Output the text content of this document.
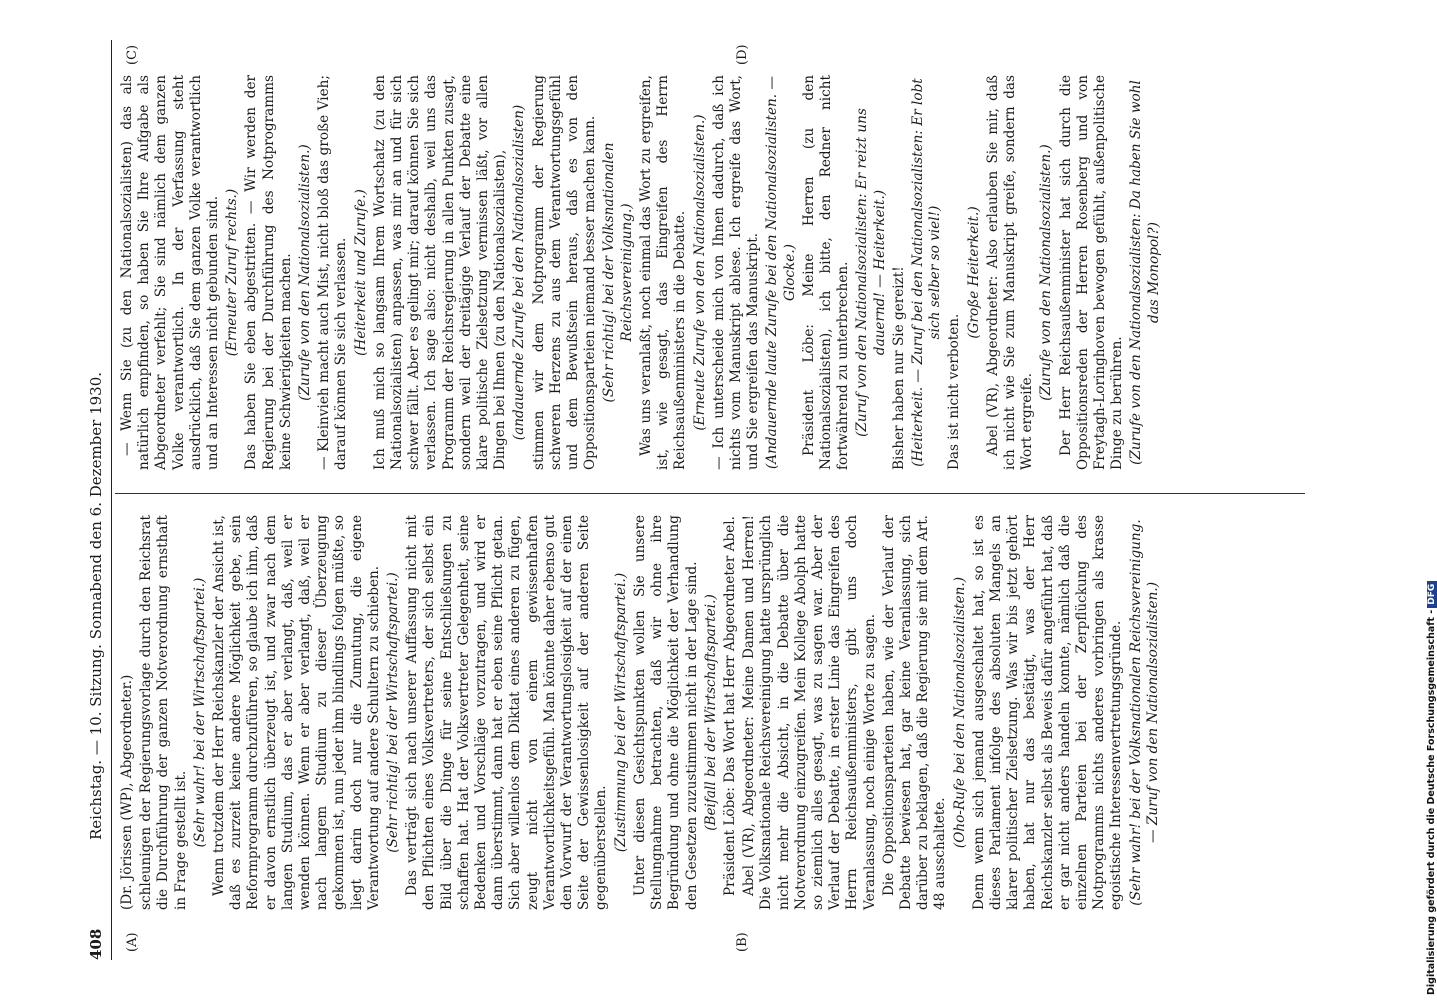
408
Reichstag. — 10. Sitzung. Sonnabend den 6. Dezember 1930.
(A)	(B)
(C)	(D)

(Dr. Jörissen (WP), Abgeordneter.) schleunigen der Regierungsvorlage durch den Reichsrat die Durchführung der ganzen Notverordnung ernsthaft in Frage gestellt ist. (Sehr wahr! bei der Wirtschaftspartei.) Wenn trotzdem der Herr Reichskanzler der Ansicht ist, daß es zurzeit keine andere Möglichkeit gebe, sein Reformprogramm durchzuführen, so glaube ich ihm, daß er davon ernstlich überzeugt ist, und zwar nach dem langen Studium, das er aber verlangt, daß, weil er wenden können. Wenn er aber verlangt, daß, weil er nach langem Studium zu dieser Überzeugung gekommen ist, nun jeder ihm blindlings folgen müßte, so liegt darin doch nur die Zumutung, die eigene Verantwortung auf andere Schultern zu schieben. (Sehr richtig! bei der Wirtschaftspartei.) Das verträgt sich nach unserer Auffassung nicht mit den Pflichten eines Volksvertreters, der sich selbst ein Bild über die Dinge für seine Entschließungen zu schaffen hat. Hat der Volksvertreter Gelegenheit, seine Bedenken und Vorschläge vorzutragen, und wird er dann überstimmt, dann hat er eben seine Pflicht getan. Sich aber willenlos dem Diktat eines anderen zu fügen, zeugt nicht von einem gewissenhaften Verantwortlichkeitsgefühl. Man könnte daher ebenso gut den Vorwurf der Verantwortungslosigkeit auf der einen Seite der Gewissenlosigkeit auf der anderen Seite gegenüberstellen. (Zustimmung bei der Wirtschaftspartei.) Unter diesen Gesichtspunkten wollen Sie unsere Stellungnahme betrachten, daß wir ohne ihre Begründung und ohne die Möglichkeit der Verhandlung den Gesetzen zuzustimmen nicht in der Lage sind. (Beifall bei der Wirtschaftspartei.) Präsident Löbe: Das Wort hat Herr Abgeordneter Abel. Abel (VR), Abgeordneter: Meine Damen und Herren! Die Volksnationale Reichsvereinigung hatte ursprünglich nicht mehr die Absicht, in die Debatte über die Notverordnung einzugreifen. Mein Kollege Abolph hatte so ziemlich alles gesagt, was zu sagen war. Aber der Verlauf der Debatte, in erster Linie das Eingreifen des Herrn Reichsaußenministers, gibt uns doch Veranlassung, noch einige Worte zu sagen. Die Oppositionsparteien haben, wie der Verlauf der Debatte bewiesen hat, gar keine Veranlassung, sich darüber zu beklagen, daß die Regierung sie mit dem Art. 48 ausschaltete.

(Oho-Rufe bei den Nationalsozialisten.) Denn wenn sich jemand ausgeschaltet hat, so ist es dieses Parlament infolge des absoluten Mangels an klarer politischer Zielsetzung. Was wir bis jetzt gehört haben, hat nur das bestätigt, was der Herr Reichskanzler selbst als Beweis dafür angeführt hat, daß er gar nicht anders handeln konnte, nämlich daß die einzelnen Parteien bei der Zerpflückung des Notprogramms nichts anderes vorbringen als krasse egoistische Interessenvertretungsgründe. (Sehr wahr! bei der Volksnationalen Reichsvereinigung. — Zuruf von den Nationalsozialisten.)

— Wenn Sie (zu den Nationalsozialisten) das als natürlich empfinden, so haben Sie Ihre Aufgabe als Abgeordneter verfehlt; Sie sind nämlich dem ganzen Volke verantwortlich. In der Verfassung steht ausdrücklich, daß Sie dem ganzen Volke verantwortlich und an Interessen nicht gebunden sind. (Erneuter Zuruf rechts.) Das haben Sie eben abgestritten. — Wir werden der Regierung bei der Durchführung des Notprogramms keine Schwierigkeiten machen. (Zurufe von den Nationalsozialisten.) — Kleinvieh macht auch Mist, nicht bloß das große Vieh; darauf können Sie sich verlassen. (Heiterkeit und Zurufe.) Ich muß mich so langsam Ihrem Wortschatz (zu den Nationalsozialisten) anpassen, was mir an und für sich schwer fällt. Aber es gelingt mir; darauf können Sie sich verlassen. Ich sage also: nicht deshalb, weil uns das Programm der Reichsregierung in allen Punkten zusagt, sondern weil der dreitägige Verlauf der Debatte eine klare politische Zielsetzung vermissen läßt, vor allen Dingen bei Ihnen (zu den Nationalsozialisten), (andauernde Zurufe bei den Nationalsozialisten) stimmen wir dem Notprogramm der Regierung schweren Herzens zu aus dem Verantwortungsgefühl und dem Bewußtsein heraus, daß es von den Oppositionsparteien niemand besser machen kann. (Sehr richtig! bei der Volksnationalen Reichsvereinigung.) Was uns veranlaßt, noch einmal das Wort zu ergreifen, ist, wie gesagt, das Eingreifen des Herrn Reichsaußenministers in die Debatte. (Erneute Zurufe von den Nationalsozialisten.) — Ich unterscheide mich von Ihnen dadurch, daß ich nichts vom Manuskript ablese. Ich ergreife das Wort, und Sie ergreifen das Manuskript. (Andauernde laute Zurufe bei den Nationalsozialisten. — Glocke.) Präsident Löbe: Meine Herren (zu den Nationalsozialisten), ich bitte, den Redner nicht fortwährend zu unterbrechen. (Zuruf von den Nationalsozialisten: Er reizt uns dauernd! — Heiterkeit.) Bisher haben nur Sie gereizt! (Heiterkeit. — Zuruf bei den Nationalsozialisten: Er lobt sich selber so viel!)

Das ist nicht verboten.

(Große Heiterkeit.) Abel (VR), Abgeordneter: Also erlauben Sie mir, daß ich nicht wie Sie zum Manuskript greife, sondern das Wort ergreife.

(Zurufe von den Nationalsozialisten.) Der Herr Reichsaußenminister hat sich durch die Oppositionsreden der Herren Rosenberg und von Freytagh-Loringhoven bewogen gefühlt, außenpolitische Dinge zu berühren. (Zurufe von den Nationalsozialisten: Da haben Sie wohl das Monopol?)

Digitalisierung gefördert durch die Deutsche Forschungsgemeinschaft -DFG
